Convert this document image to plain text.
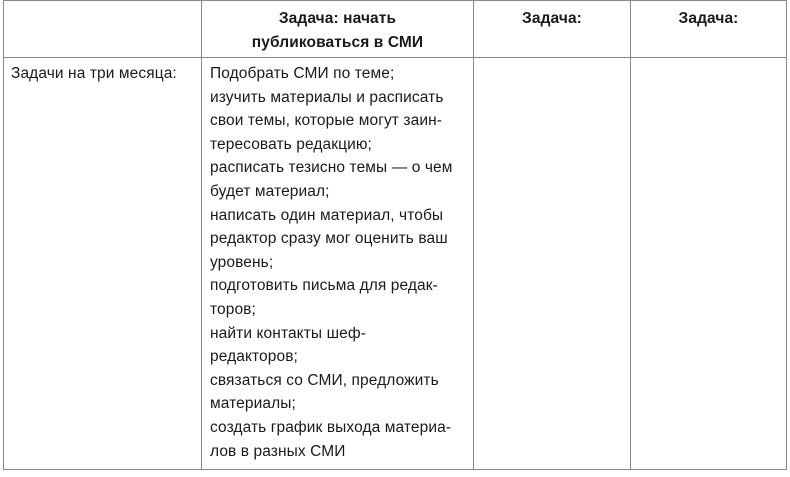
Задача: начать
публиковаться в СМИ
Задача:	Задача:
Задачи на три месяца: Подобрать СМИ по теме;
изучить материалы и расписать
свои темы, которые могут заин-
тересовать редакцию;
расписать тезисно темы — о чем
будет материал;
написать один материал, чтобы
редактор сразу мог оценить ваш
уровень;
подготовить письма для редак-
торов;
найти контакты шеф-
редакторов;
связаться со СМИ, предложить
материалы;
создать график выхода материа-
лов в разных СМИ
